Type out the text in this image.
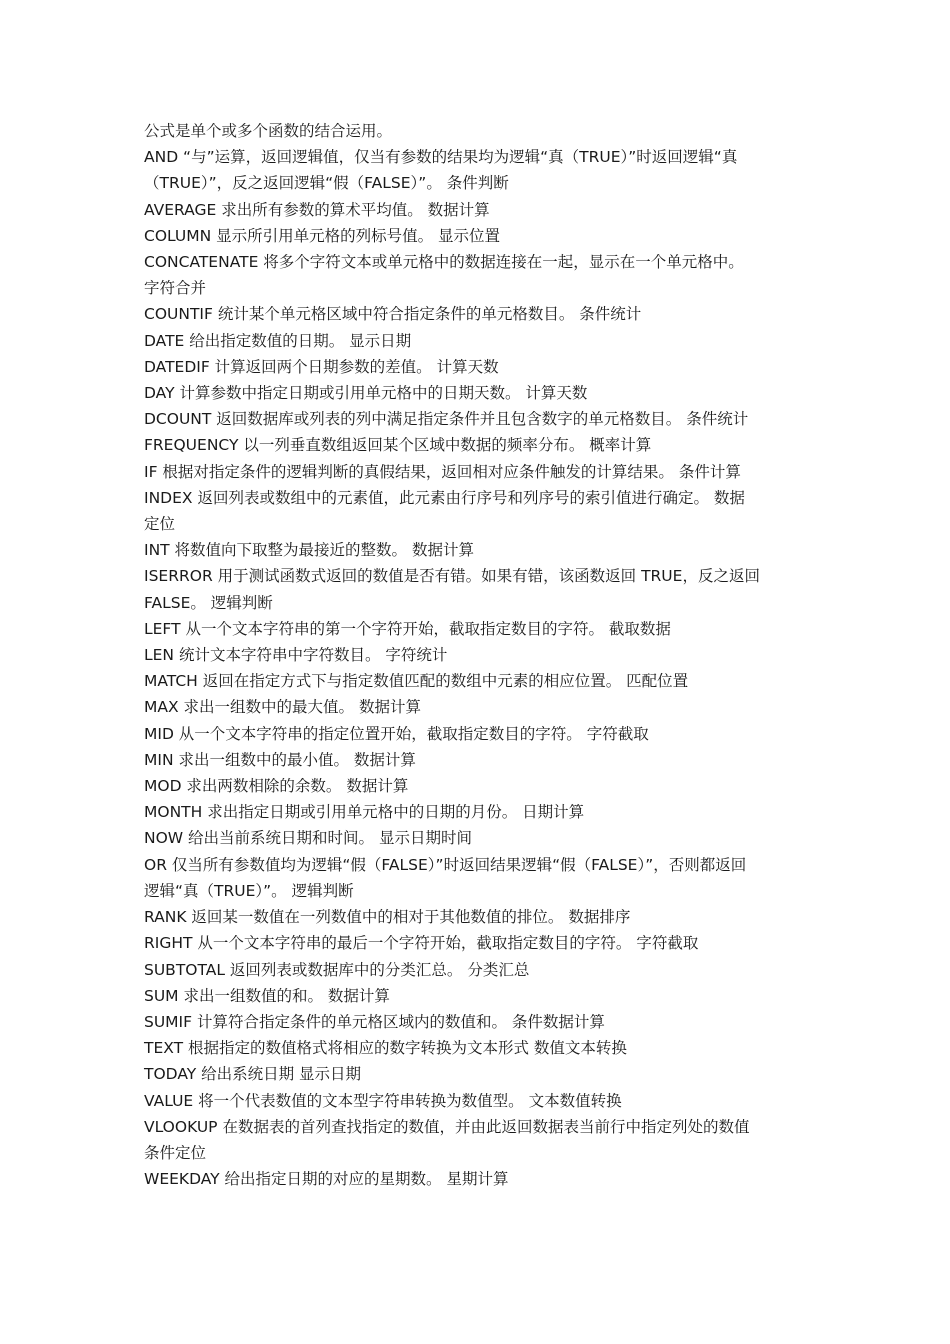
公式是单个或多个函数的结合运用。
AND “与”运算，返回逻辑值，仅当有参数的结果均为逻辑“真（TRUE）”时返回逻辑“真
（TRUE）”，反之返回逻辑“假（FALSE）”。 条件判断
AVERAGE 求出所有参数的算术平均值。 数据计算
COLUMN 显示所引用单元格的列标号值。 显示位置
CONCATENATE 将多个字符文本或单元格中的数据连接在一起，显示在一个单元格中。
字符合并
COUNTIF 统计某个单元格区域中符合指定条件的单元格数目。 条件统计
DATE 给出指定数值的日期。 显示日期
DATEDIF 计算返回两个日期参数的差值。 计算天数
DAY 计算参数中指定日期或引用单元格中的日期天数。 计算天数
DCOUNT 返回数据库或列表的列中满足指定条件并且包含数字的单元格数目。 条件统计
FREQUENCY 以一列垂直数组返回某个区域中数据的频率分布。 概率计算
IF 根据对指定条件的逻辑判断的真假结果，返回相对应条件触发的计算结果。 条件计算
INDEX 返回列表或数组中的元素值，此元素由行序号和列序号的索引值进行确定。 数据
定位
INT 将数值向下取整为最接近的整数。 数据计算
ISERROR 用于测试函数式返回的数值是否有错。如果有错，该函数返回 TRUE，反之返回
FALSE。 逻辑判断
LEFT 从一个文本字符串的第一个字符开始，截取指定数目的字符。 截取数据
LEN 统计文本字符串中字符数目。 字符统计
MATCH 返回在指定方式下与指定数值匹配的数组中元素的相应位置。 匹配位置
MAX 求出一组数中的最大值。 数据计算
MID 从一个文本字符串的指定位置开始，截取指定数目的字符。 字符截取
MIN 求出一组数中的最小值。 数据计算
MOD 求出两数相除的余数。 数据计算
MONTH 求出指定日期或引用单元格中的日期的月份。 日期计算
NOW 给出当前系统日期和时间。 显示日期时间
OR 仅当所有参数值均为逻辑“假（FALSE）”时返回结果逻辑“假（FALSE）”，否则都返回
逻辑“真（TRUE）”。 逻辑判断
RANK 返回某一数值在一列数值中的相对于其他数值的排位。 数据排序
RIGHT 从一个文本字符串的最后一个字符开始，截取指定数目的字符。 字符截取
SUBTOTAL 返回列表或数据库中的分类汇总。 分类汇总
SUM 求出一组数值的和。 数据计算
SUMIF 计算符合指定条件的单元格区域内的数值和。 条件数据计算
TEXT 根据指定的数值格式将相应的数字转换为文本形式 数值文本转换
TODAY 给出系统日期 显示日期
VALUE 将一个代表数值的文本型字符串转换为数值型。 文本数值转换
VLOOKUP 在数据表的首列查找指定的数值，并由此返回数据表当前行中指定列处的数值
条件定位
WEEKDAY 给出指定日期的对应的星期数。 星期计算
